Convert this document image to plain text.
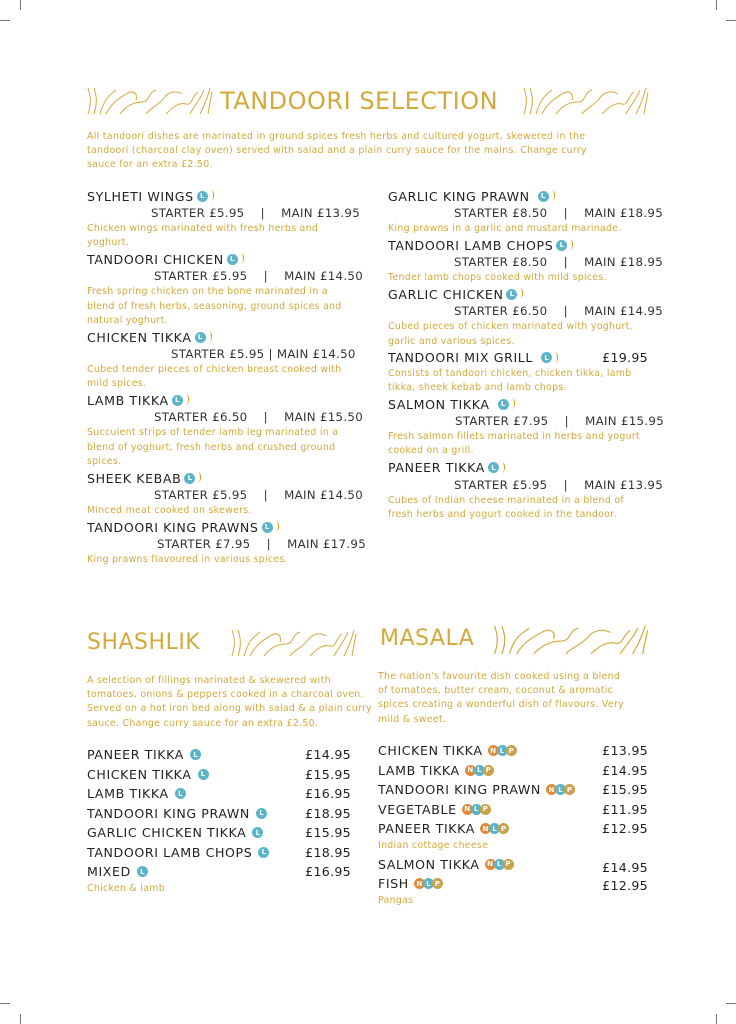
TANDOORI SELECTION
All tandoori dishes are marinated in ground spices fresh herbs and cultured yogurt, skewered in the tandoori (charcoal clay oven) served with salad and a plain curry sauce for the mains. Change curry sauce for an extra £2.50.
SYLHETI WINGS L
STARTER £5.95    |    MAIN £13.95
Chicken wings marinated with fresh herbs and yoghurt.
TANDOORI CHICKEN L
STARTER £5.95    |    MAIN £14.50
Fresh spring chicken on the bone marinated in a blend of fresh herbs, seasoning, ground spices and natural yoghurt.
CHICKEN TIKKA L
STARTER £5.95 | MAIN £14.50
Cubed tender pieces of chicken breast cooked with mild spices.
LAMB TIKKA L
STARTER £6.50    |    MAIN £15.50
Succulent strips of tender lamb leg marinated in a blend of yoghurt, fresh herbs and crushed ground spices.
SHEEK KEBAB L
STARTER £5.95    |    MAIN £14.50
Minced meat cooked on skewers.
TANDOORI KING PRAWNS L
STARTER £7.95    |    MAIN £17.95
King prawns flavoured in various spices.
GARLIC KING PRAWN	L
STARTER £8.50    |    MAIN £18.95
King prawns in a garlic and mustard marinade.
TANDOORI LAMB CHOPS L
STARTER £8.50    |    MAIN £18.95
Tender lamb chops cooked with mild spices.
GARLIC CHICKEN L
STARTER £6.50    |    MAIN £14.95
Cubed pieces of chicken marinated with yoghurt, garlic and various spices.
TANDOORI MIX GRILL	L	£19.95
Consists of tandoori chicken, chicken tikka, lamb tikka, sheek kebab and lamb chops.
SALMON TIKKA	L
STARTER £7.95    |    MAIN £15.95
Fresh salmon fillets marinated in herbs and yogurt cooked on a grill.
PANEER TIKKA L
STARTER £5.95    |    MAIN £13.95
Cubes of Indian cheese marinated in a blend of fresh herbs and yogurt cooked in the tandoor.
SHASHLIK
A selection of fillings marinated & skewered with tomatoes, onions & peppers cooked in a charcoal oven. Served on a hot iron bed along with salad & a plain curry sauce. Change curry sauce for an extra £2.50.
PANEER TIKKA	L	£14.95
CHICKEN TIKKA	L	£15.95
LAMB TIKKA	L	£16.95
TANDOORI KING PRAWN	L	£18.95
GARLIC CHICKEN TIKKA	L	£15.95
TANDOORI LAMB CHOPS	L	£18.95
MIXED	L	£16.95
Chicken & lamb
MASALA
The nation's favourite dish cooked using a blend of tomatoes, butter cream, coconut & aromatic spices creating a wonderful dish of flavours. Very mild & sweet.
CHICKEN TIKKA	N L P	£13.95
LAMB TIKKA	N L P	£14.95
TANDOORI KING PRAWN	N L P £15.95
VEGETABLE	N L P	£11.95
PANEER TIKKA	N L P	£12.95
Indian cottage cheese
SALMON TIKKA	N L P	£14.95
FISH	N L P	£12.95
Pangas
